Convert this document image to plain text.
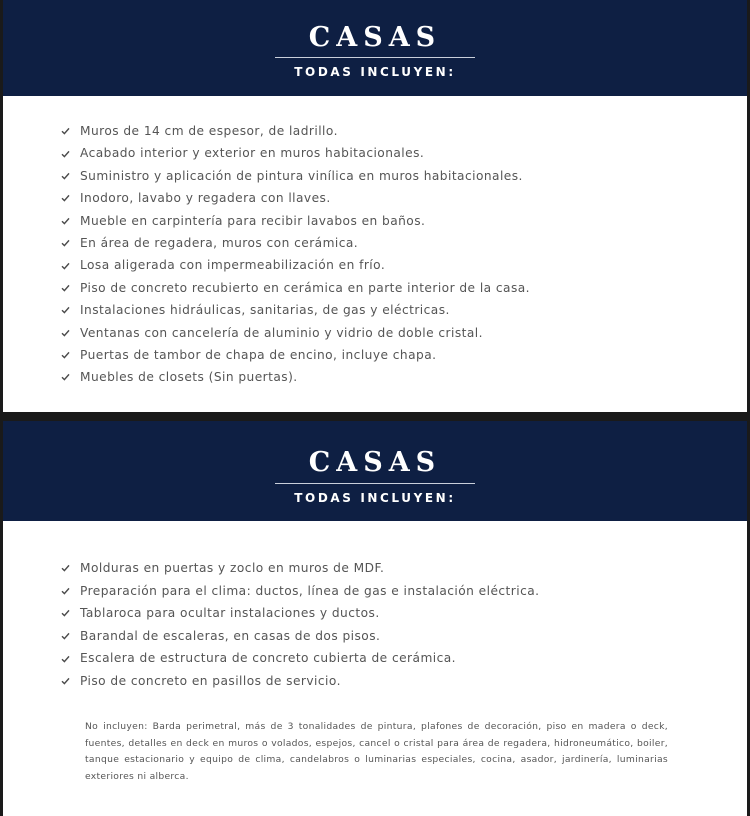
CASAS
TODAS INCLUYEN:
Muros de 14 cm de espesor, de ladrillo.
Acabado interior y exterior en muros habitacionales.
Suministro y aplicación de pintura vinílica en muros habitacionales.
Inodoro, lavabo y regadera con llaves.
Mueble en carpintería para recibir lavabos en baños.
En área de regadera, muros con cerámica.
Losa aligerada con impermeabilización en frío.
Piso de concreto recubierto en cerámica en parte interior de la casa.
Instalaciones hidráulicas, sanitarias, de gas y eléctricas.
Ventanas con cancelería de aluminio y vidrio de doble cristal.
Puertas de tambor de chapa de encino, incluye chapa.
Muebles de closets (Sin puertas).
CASAS
TODAS INCLUYEN:
Molduras en puertas y zoclo en muros de MDF.
Preparación para el clima: ductos, línea de gas e instalación eléctrica.
Tablaroca para ocultar instalaciones y ductos.
Barandal de escaleras, en casas de dos pisos.
Escalera de estructura de concreto cubierta de cerámica.
Piso de concreto en pasillos de servicio.

No incluyen: Barda perimetral, más de 3 tonalidades de pintura, plafones de decoración, piso en madera o deck, fuentes, detalles en deck en muros o volados, espejos, cancel o cristal para área de regadera, hidroneumático, boiler, tanque estacionario y equipo de clima, candelabros o luminarias especiales, cocina, asador, jardinería, luminarias exteriores ni alberca.
